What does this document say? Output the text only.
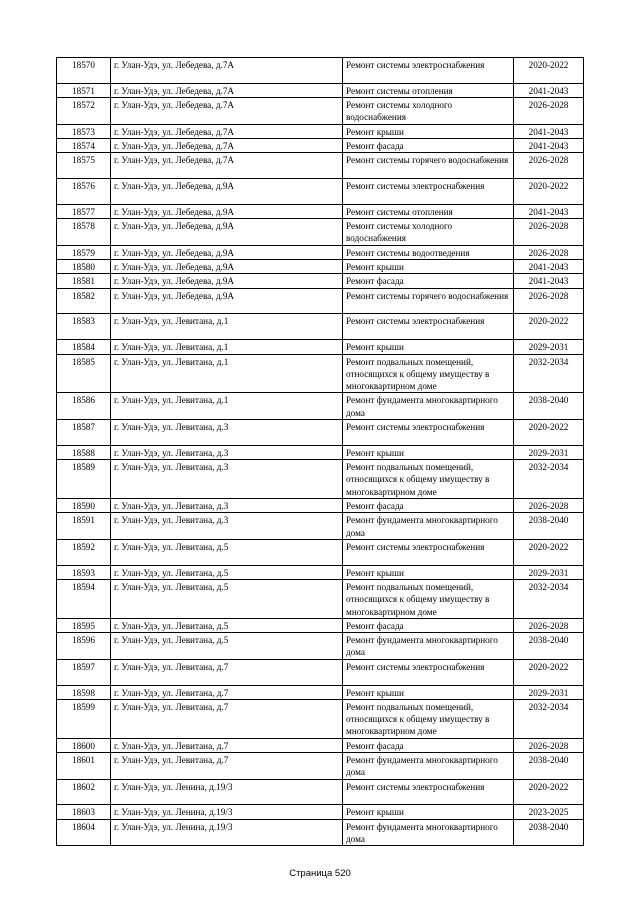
18570	г. Улан-Удэ, ул. Лебедева, д.7А	Ремонт системы электроснабжения	2020-2022
18571	г. Улан-Удэ, ул. Лебедева, д.7А	Ремонт системы отопления	2041-2043
18572	г. Улан-Удэ, ул. Лебедева, д.7А	Ремонт системы холодного водоснабжения	2026-2028
18573	г. Улан-Удэ, ул. Лебедева, д.7А	Ремонт крыши	2041-2043
18574	г. Улан-Удэ, ул. Лебедева, д.7А	Ремонт фасада	2041-2043
18575	г. Улан-Удэ, ул. Лебедева, д.7А	Ремонт системы горячего водоснабжения	2026-2028
18576	г. Улан-Удэ, ул. Лебедева, д.9А	Ремонт системы электроснабжения	2020-2022
18577	г. Улан-Удэ, ул. Лебедева, д.9А	Ремонт системы отопления	2041-2043
18578	г. Улан-Удэ, ул. Лебедева, д.9А	Ремонт системы холодного водоснабжения	2026-2028
18579	г. Улан-Удэ, ул. Лебедева, д.9А	Ремонт системы водоотведения	2026-2028
18580	г. Улан-Удэ, ул. Лебедева, д.9А	Ремонт крыши	2041-2043
18581	г. Улан-Удэ, ул. Лебедева, д.9А	Ремонт фасада	2041-2043
18582	г. Улан-Удэ, ул. Лебедева, д.9А	Ремонт системы горячего водоснабжения	2026-2028
18583	г. Улан-Удэ, ул. Левитана, д.1	Ремонт системы электроснабжения	2020-2022
18584	г. Улан-Удэ, ул. Левитана, д.1	Ремонт крыши	2029-2031
18585	г. Улан-Удэ, ул. Левитана, д.1	Ремонт подвальных помещений, относящихся к общему имуществу в многоквартирном доме	2032-2034
18586	г. Улан-Удэ, ул. Левитана, д.1	Ремонт фундамента многоквартирного дома	2038-2040
18587	г. Улан-Удэ, ул. Левитана, д.3	Ремонт системы электроснабжения	2020-2022
18588	г. Улан-Удэ, ул. Левитана, д.3	Ремонт крыши	2029-2031
18589	г. Улан-Удэ, ул. Левитана, д.3	Ремонт подвальных помещений, относящихся к общему имуществу в многоквартирном доме	2032-2034
18590	г. Улан-Удэ, ул. Левитана, д.3	Ремонт фасада	2026-2028
18591	г. Улан-Удэ, ул. Левитана, д.3	Ремонт фундамента многоквартирного дома	2038-2040
18592	г. Улан-Удэ, ул. Левитана, д.5	Ремонт системы электроснабжения	2020-2022
18593	г. Улан-Удэ, ул. Левитана, д.5	Ремонт крыши	2029-2031
18594	г. Улан-Удэ, ул. Левитана, д.5	Ремонт подвальных помещений, относящихся к общему имуществу в многоквартирном доме	2032-2034
18595	г. Улан-Удэ, ул. Левитана, д.5	Ремонт фасада	2026-2028
18596	г. Улан-Удэ, ул. Левитана, д.5	Ремонт фундамента многоквартирного дома	2038-2040
18597	г. Улан-Удэ, ул. Левитана, д.7	Ремонт системы электроснабжения	2020-2022
18598	г. Улан-Удэ, ул. Левитана, д.7	Ремонт крыши	2029-2031
18599	г. Улан-Удэ, ул. Левитана, д.7	Ремонт подвальных помещений, относящихся к общему имуществу в многоквартирном доме	2032-2034
18600	г. Улан-Удэ, ул. Левитана, д.7	Ремонт фасада	2026-2028
18601	г. Улан-Удэ, ул. Левитана, д.7	Ремонт фундамента многоквартирного дома	2038-2040
18602	г. Улан-Удэ, ул. Ленина, д.19/3	Ремонт системы электроснабжения	2020-2022
18603	г. Улан-Удэ, ул. Ленина, д.19/3	Ремонт крыши	2023-2025
18604	г. Улан-Удэ, ул. Ленина, д.19/3	Ремонт фундамента многоквартирного дома	2038-2040
Страница 520
